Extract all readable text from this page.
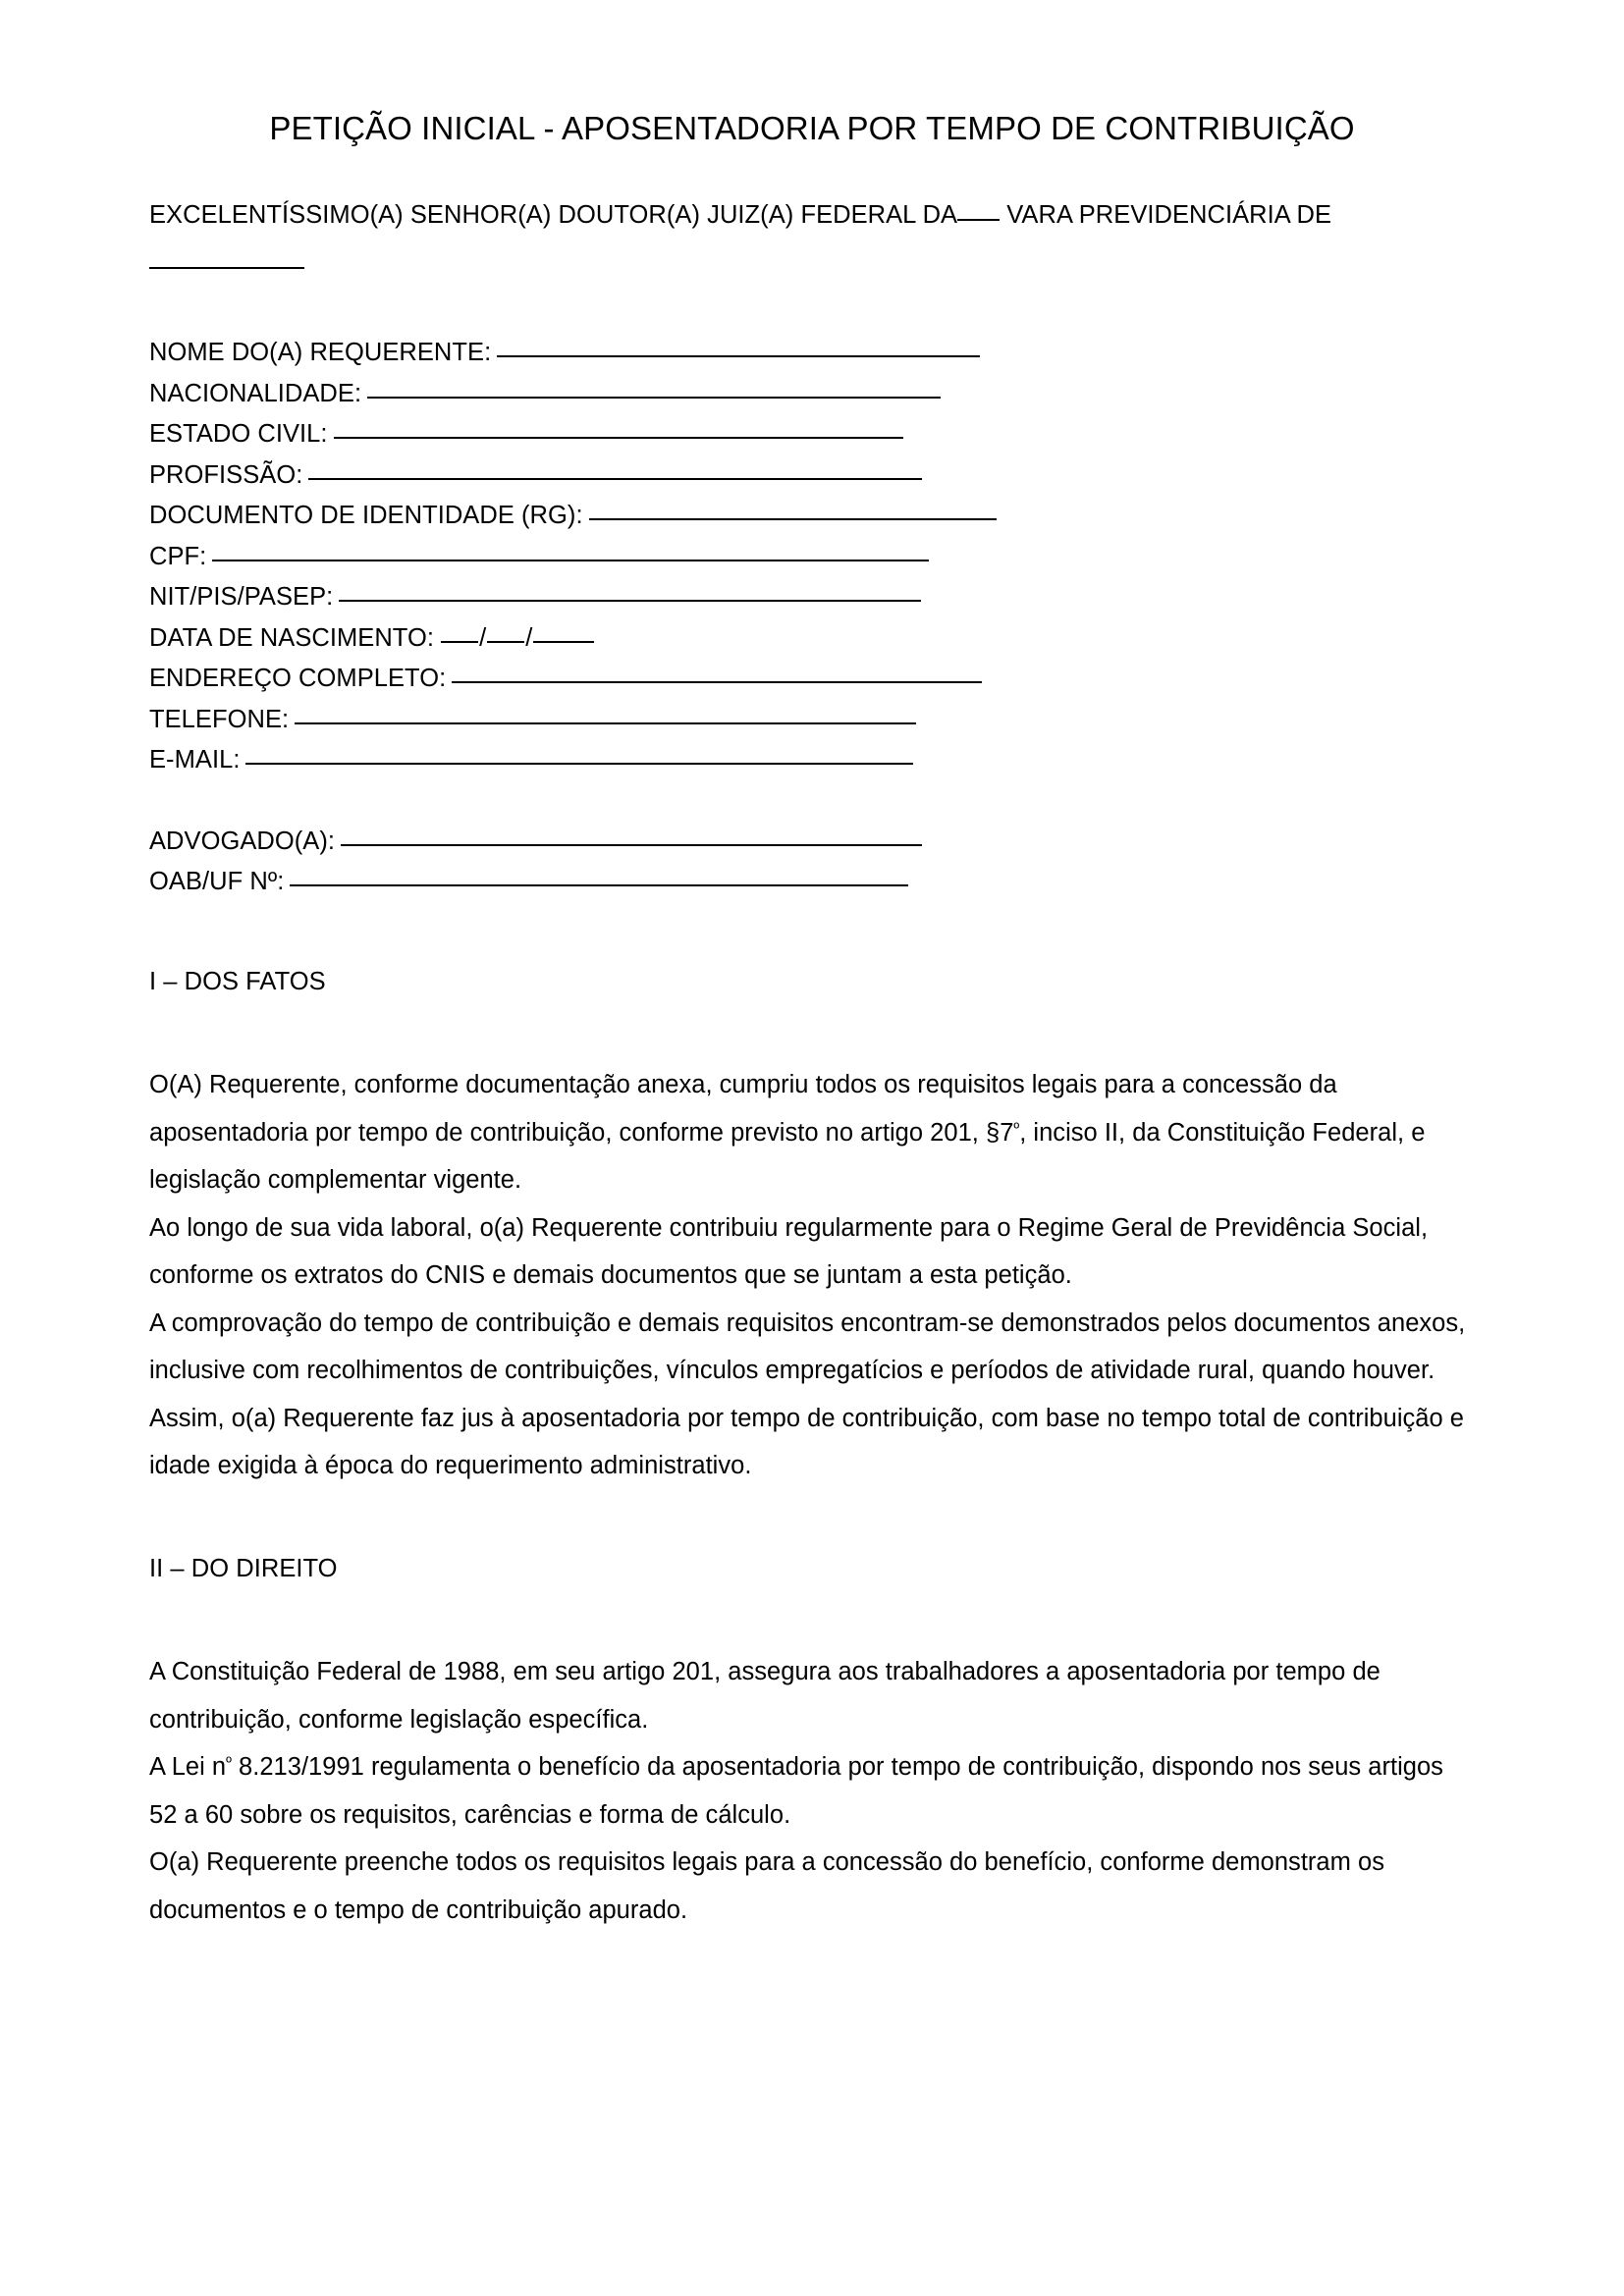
PETIÇÃO INICIAL - APOSENTADORIA POR TEMPO DE CONTRIBUIÇÃO

EXCELENTÍSSIMO(A) SENHOR(A) DOUTOR(A) JUIZ(A) FEDERAL DA VARA PREVIDENCIÁRIA DE

NOME DO(A) REQUERENTE:
NACIONALIDADE:
ESTADO CIVIL:
PROFISSÃO:
DOCUMENTO DE IDENTIDADE (RG):
CPF:
NIT/PIS/PASEP:
DATA DE NASCIMENTO: / /
ENDEREÇO COMPLETO:
TELEFONE:
E-MAIL:
ADVOGADO(A):
OAB/UF Nº:
I – DOS FATOS

O(A) Requerente, conforme documentação anexa, cumpriu todos os requisitos legais para a concessão da aposentadoria por tempo de contribuição, conforme previsto no artigo 201, $\S 7^º$, inciso II, da Constituição Federal, e legislação complementar vigente.

Ao longo de sua vida laboral, o(a) Requerente contribuiu regularmente para o Regime Geral de Previdência Social, conforme os extratos do CNIS e demais documentos que se juntam a esta petição.

A comprovação do tempo de contribuição e demais requisitos encontram-se demonstrados pelos documentos anexos, inclusive com recolhimentos de contribuições, vínculos empregatícios e períodos de atividade rural, quando houver.

Assim, o(a) Requerente faz jus à aposentadoria por tempo de contribuição, com base no tempo total de contribuição e idade exigida à época do requerimento administrativo.

II – DO DIREITO

A Constituição Federal de 1988, em seu artigo 201, assegura aos trabalhadores a aposentadoria por tempo de contribuição, conforme legislação específica.

A Lei $n^º$ 8.213/1991 regulamenta o benefício da aposentadoria por tempo de contribuição, dispondo nos seus artigos 52 a 60 sobre os requisitos, carências e forma de cálculo.

O(a) Requerente preenche todos os requisitos legais para a concessão do benefício, conforme demonstram os documentos e o tempo de contribuição apurado.
